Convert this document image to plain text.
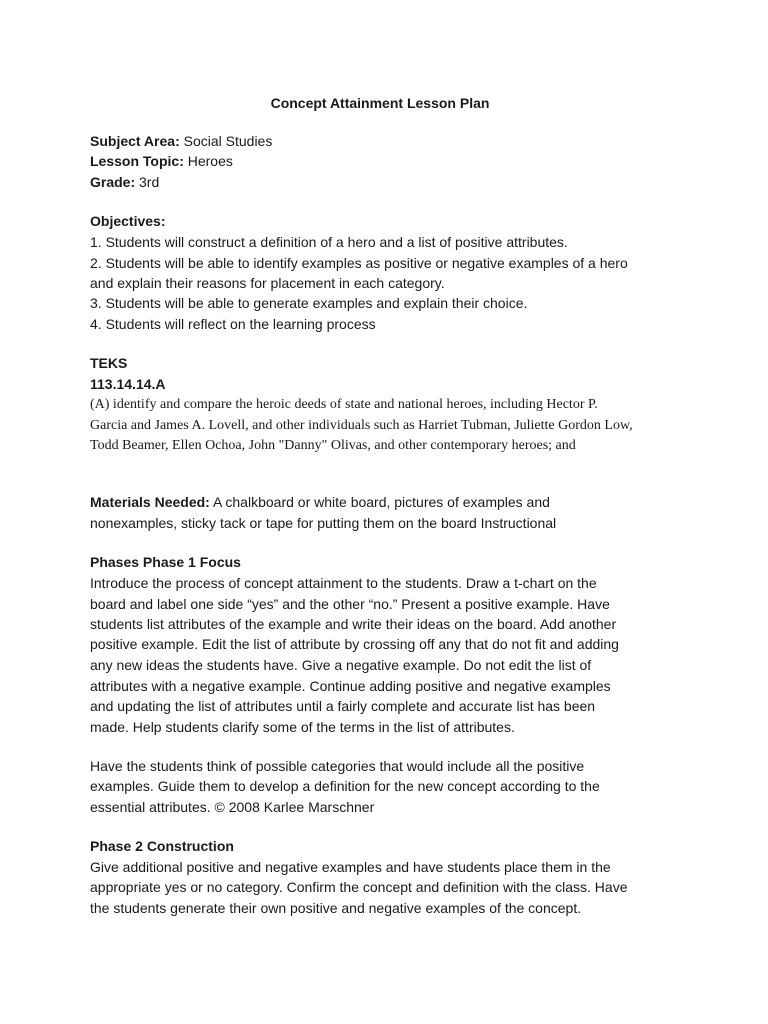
Concept Attainment Lesson Plan
Subject Area: Social Studies
Lesson Topic: Heroes
Grade: 3rd
Objectives:
1. Students will construct a definition of a hero and a list of positive attributes.
2. Students will be able to identify examples as positive or negative examples of a hero
and explain their reasons for placement in each category.
3. Students will be able to generate examples and explain their choice.
4. Students will reflect on the learning process
TEKS
113.14.14.A
(A) identify and compare the heroic deeds of state and national heroes, including Hector P.
Garcia and James A. Lovell, and other individuals such as Harriet Tubman, Juliette Gordon Low,
Todd Beamer, Ellen Ochoa, John "Danny" Olivas, and other contemporary heroes; and
Materials Needed: A chalkboard or white board, pictures of examples and
nonexamples, sticky tack or tape for putting them on the board Instructional
Phases Phase 1 Focus
Introduce the process of concept attainment to the students. Draw a t-chart on the
board and label one side “yes” and the other “no.” Present a positive example. Have
students list attributes of the example and write their ideas on the board. Add another
positive example. Edit the list of attribute by crossing off any that do not fit and adding
any new ideas the students have. Give a negative example. Do not edit the list of
attributes with a negative example. Continue adding positive and negative examples
and updating the list of attributes until a fairly complete and accurate list has been
made. Help students clarify some of the terms in the list of attributes.
Have the students think of possible categories that would include all the positive
examples. Guide them to develop a definition for the new concept according to the
essential attributes. © 2008 Karlee Marschner
Phase 2 Construction
Give additional positive and negative examples and have students place them in the
appropriate yes or no category. Confirm the concept and definition with the class. Have
the students generate their own positive and negative examples of the concept.
